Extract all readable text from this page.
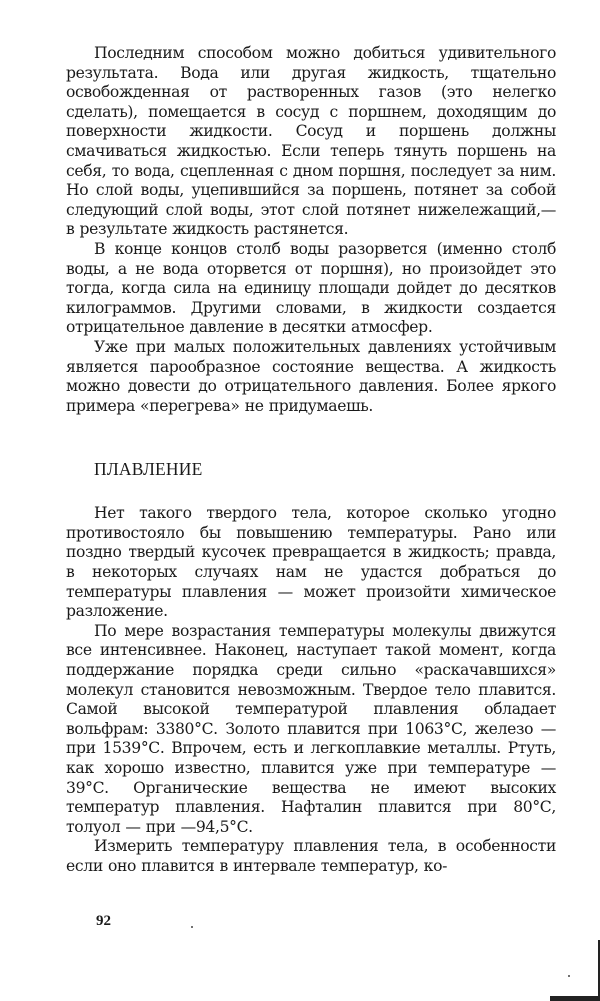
Последним способом можно добиться удивительного результата. Вода или другая жидкость, тщательно освобожденная от растворенных газов (это нелегко сделать), помещается в сосуд с поршнем, доходящим до поверхности жидкости. Сосуд и поршень должны смачиваться жидкостью. Если теперь тянуть поршень на себя, то вода, сцепленная с дном поршня, последует за ним. Но слой воды, уцепившийся за поршень, потянет за собой следующий слой воды, этот слой потянет нижележащий,— в результате жидкость растянется.

В конце концов столб воды разорвется (именно столб воды, а не вода оторвется от поршня), но произойдет это тогда, когда сила на единицу площади дойдет до десятков килограммов. Другими словами, в жидкости создается отрицательное давление в десятки атмосфер.

Уже при малых положительных давлениях устойчивым является парообразное состояние вещества. А жидкость можно довести до отрицательного давления. Более яркого примера «перегрева» не придумаешь.

ПЛАВЛЕНИЕ

Нет такого твердого тела, которое сколько угодно противостояло бы повышению температуры. Рано или поздно твердый кусочек превращается в жидкость; правда, в некоторых случаях нам не удастся добраться до температуры плавления — может произойти химическое разложение.

По мере возрастания температуры молекулы движутся все интенсивнее. Наконец, наступает такой момент, когда поддержание порядка среди сильно «раскачавшихся» молекул становится невозможным. Твердое тело плавится. Самой высокой температурой плавления обладает вольфрам: 3380°С. Золото плавится при 1063°С, железо — при 1539°С. Впрочем, есть и легкоплавкие металлы. Ртуть, как хорошо известно, плавится уже при температуре —39°С. Органические вещества не имеют высоких температур плавления. Нафталин плавится при 80°С, толуол — при —94,5°С.

Измерить температуру плавления тела, в особенности если оно плавится в интервале температур, ко-

92
